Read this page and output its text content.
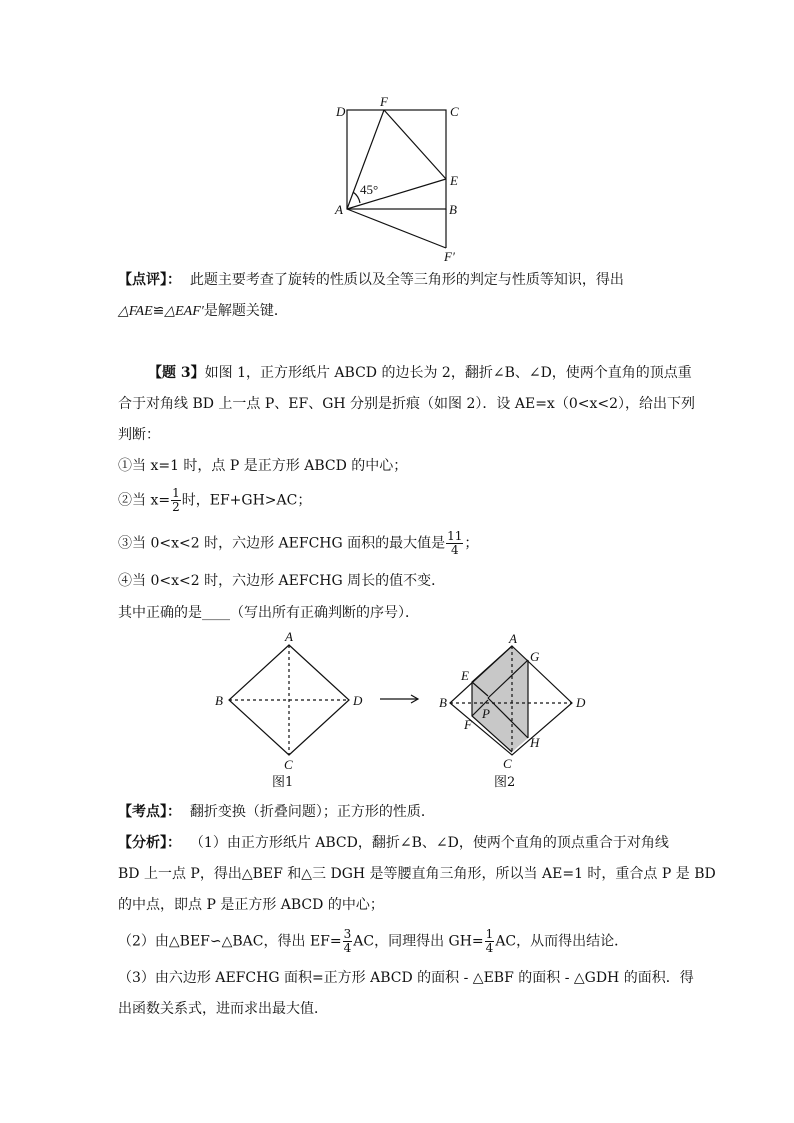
D
F
C
E
A	B
F′
45°
【点评】： 此题主要考查了旋转的性质以及全等三角形的判定与性质等知识，得出
△FAE≌△EAF′是解题关键．
【题 3】如图 1，正方形纸片 ABCD 的边长为 2，翻折∠B、∠D，使两个直角的顶点重
合于对角线 BD 上一点 P、EF、GH 分别是折痕（如图 2）．设 AE=x（0<x<2），给出下列
判断：
①当 x=1 时，点 P 是正方形 ABCD 的中心；
②当 $x= \frac{1}{2}$ 时，EF+GH>AC；
③当 0<x<2 时，六边形 AEFCHG 面积的最大值是 $\frac{11}{4}$ ；
④当 0<x<2 时，六边形 AEFCHG 周长的值不变．
其中正确的是____（写出所有正确判断的序号）．
A
B	D
C
A
B	D
C
E
F
G
H
P
图1	图2
【考点】： 翻折变换（折叠问题）；正方形的性质．
【分析】： （1）由正方形纸片 ABCD，翻折∠B、∠D，使两个直角的顶点重合于对角线
BD 上一点 P，得出△BEF 和△三 DGH 是等腰直角三角形，所以当 AE=1 时，重合点 P 是 BD
的中点，即点 P 是正方形 ABCD 的中心；
（2）由△BEF∽△BAC，得出 $EF= \frac{3}{4}$ AC，同理得出 $GH= \frac{1}{4}$ AC，从而得出结论．
（3）由六边形 AEFCHG 面积=正方形 ABCD 的面积 - △EBF 的面积 - △GDH 的面积．得
出函数关系式，进而求出最大值．
